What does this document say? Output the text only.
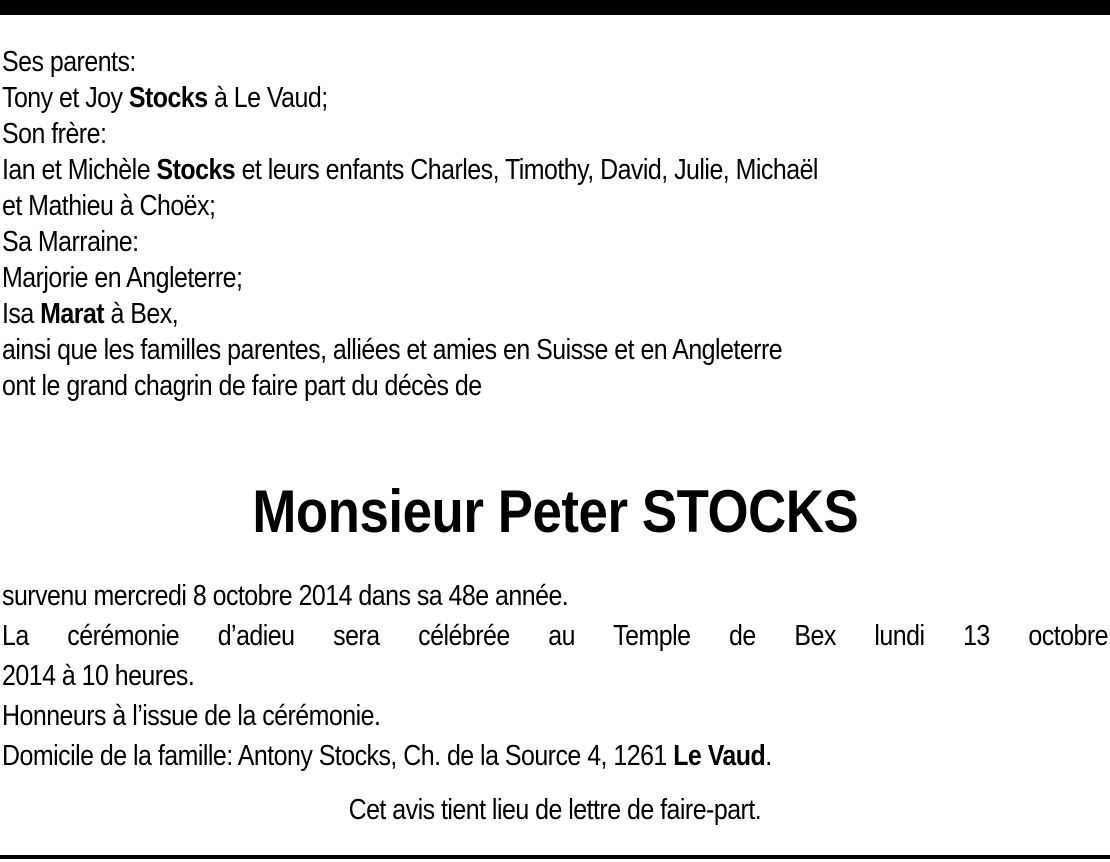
Ses parents:
Tony et Joy Stocks à Le Vaud;
Son frère:
Ian et Michèle Stocks et leurs enfants Charles, Timothy, David, Julie, Michaël
et Mathieu à Choëx;
Sa Marraine:
Marjorie en Angleterre;
Isa Marat à Bex,
ainsi que les familles parentes, alliées et amies en Suisse et en Angleterre
ont le grand chagrin de faire part du décès de
Monsieur Peter STOCKS
survenu mercredi 8 octobre 2014 dans sa 48e année.
La cérémonie d’adieu sera célébrée au Temple de Bex lundi 13 octobre
2014 à 10 heures.
Honneurs à l’issue de la cérémonie.
Domicile de la famille: Antony Stocks, Ch. de la Source 4, 1261 Le Vaud.
Cet avis tient lieu de lettre de faire-part.
